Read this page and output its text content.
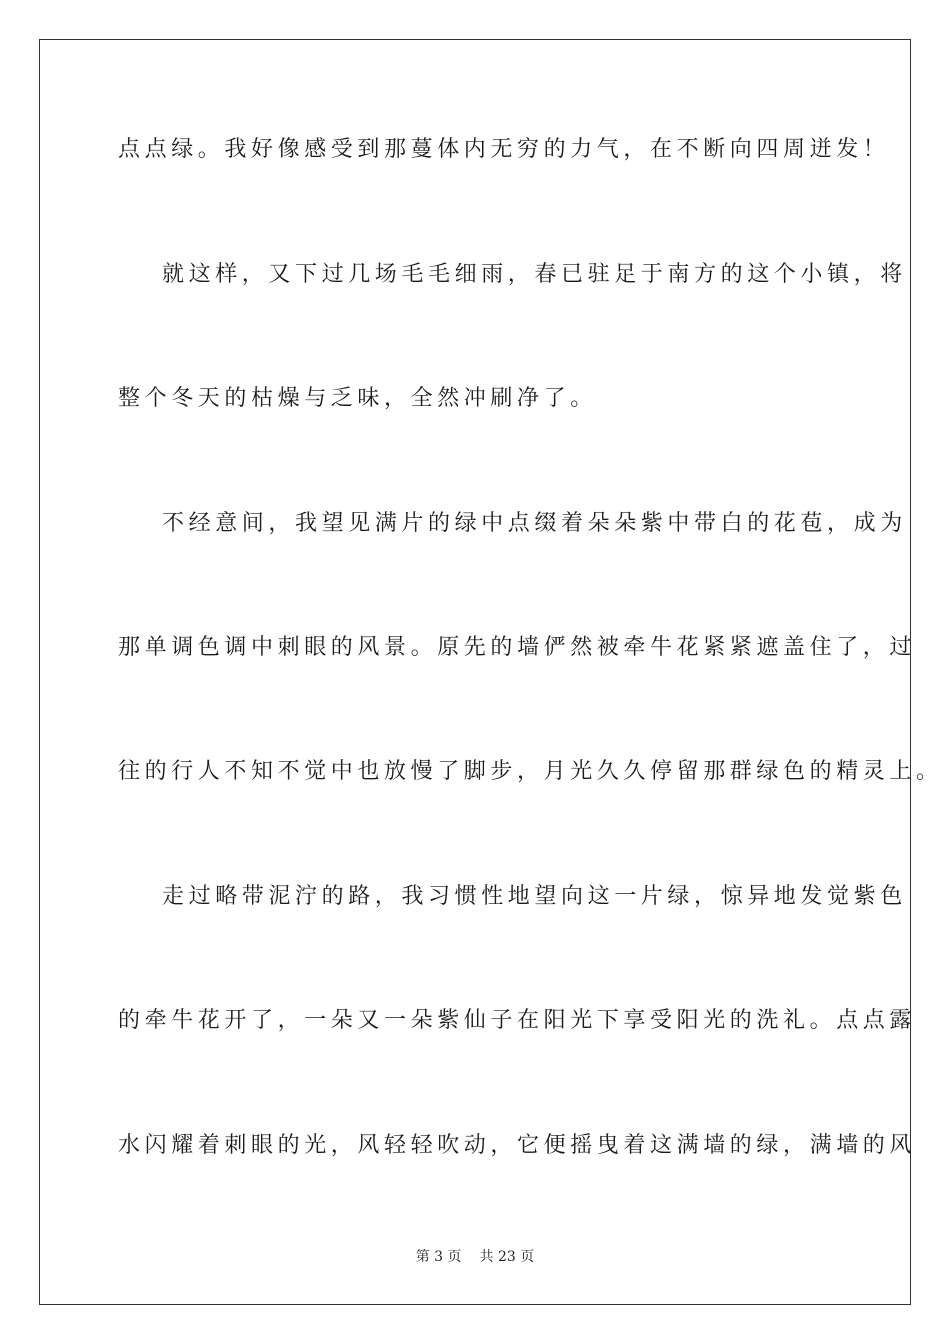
点点绿。我好像感受到那蔓体内无穷的力气，在不断向四周迸发！
就这样，又下过几场毛毛细雨，春已驻足于南方的这个小镇，将
整个冬天的枯燥与乏味，全然冲刷净了。
不经意间，我望见满片的绿中点缀着朵朵紫中带白的花苞，成为
那单调色调中刺眼的风景。原先的墙俨然被牵牛花紧紧遮盖住了，过
往的行人不知不觉中也放慢了脚步，月光久久停留那群绿色的精灵上。
走过略带泥泞的路，我习惯性地望向这一片绿，惊异地发觉紫色
的牵牛花开了，一朵又一朵紫仙子在阳光下享受阳光的洗礼。点点露
水闪耀着刺眼的光，风轻轻吹动，它便摇曳着这满墙的绿，满墙的风
第 3 页 共 23 页
